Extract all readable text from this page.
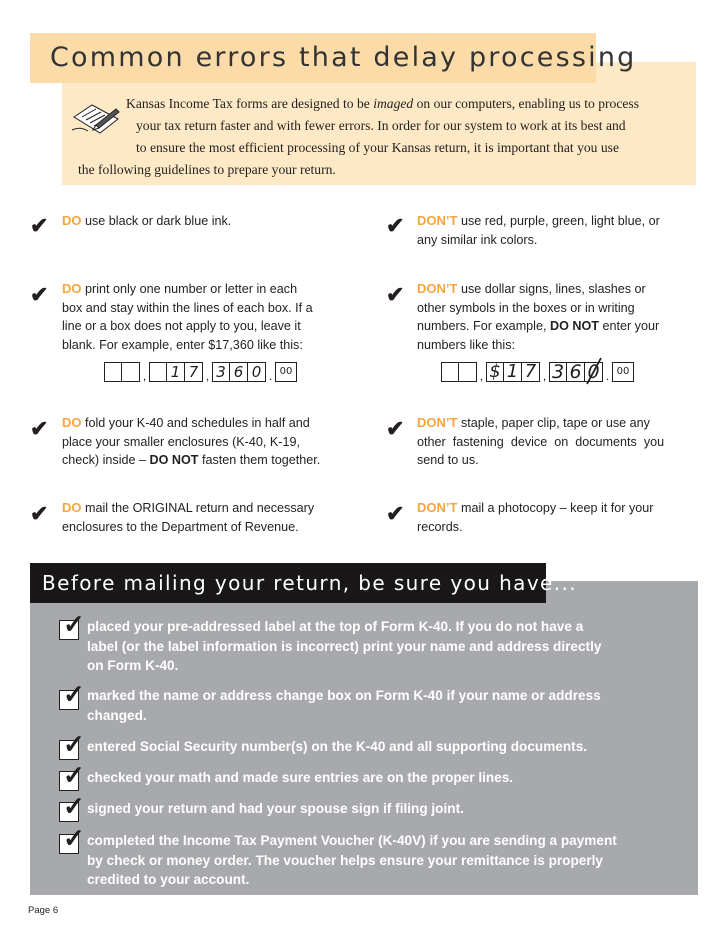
Common errors that delay processing

Kansas Income Tax forms are designed to be imaged on our computers, enabling us to process

your tax return faster and with fewer errors. In order for our system to work at its best and

to ensure the most efficient processing of your Kansas return, it is important that you use

the following guidelines to prepare your return.

✔ DO use black or dark blue ink.
✔ DO print only one number or letter in each
box and stay within the lines of each box. If a
line or a box does not apply to you, leave it
blank. For example, enter $17,360 like this:
, 1 7 , 3 6 0 . 00
✔ DO fold your K-40 and schedules in half and
place your smaller enclosures (K-40, K-19,
check) inside – DO NOT fasten them together.
✔ DO mail the ORIGINAL return and necessary
enclosures to the Department of Revenue.
✔ DON’T use red, purple, green, light blue, or
any similar ink colors.
✔ DON’T use dollar signs, lines, slashes or
other symbols in the boxes or in writing
numbers. For example, DO NOT enter your
numbers like this:
, $ 1 7 , 3 6 0 . 00
✔ DON’T staple, paper clip, tape or use any
other  fastening  device  on  documents  you
send to us.
✔ DON’T mail a photocopy – keep it for your
records.
Before mailing your return, be sure you have...
✓ placed your pre-addressed label at the top of Form K-40. If you do not have a
label (or the label information is incorrect) print your name and address directly
on Form K-40.
✓ marked the name or address change box on Form K-40 if your name or address
changed.
✓ entered Social Security number(s) on the K-40 and all supporting documents.
✓ checked your math and made sure entries are on the proper lines.
✓ signed your return and had your spouse sign if filing joint.
✓ completed the Income Tax Payment Voucher (K-40V) if you are sending a payment
by check or money order. The voucher helps ensure your remittance is properly
credited to your account.
Page 6
